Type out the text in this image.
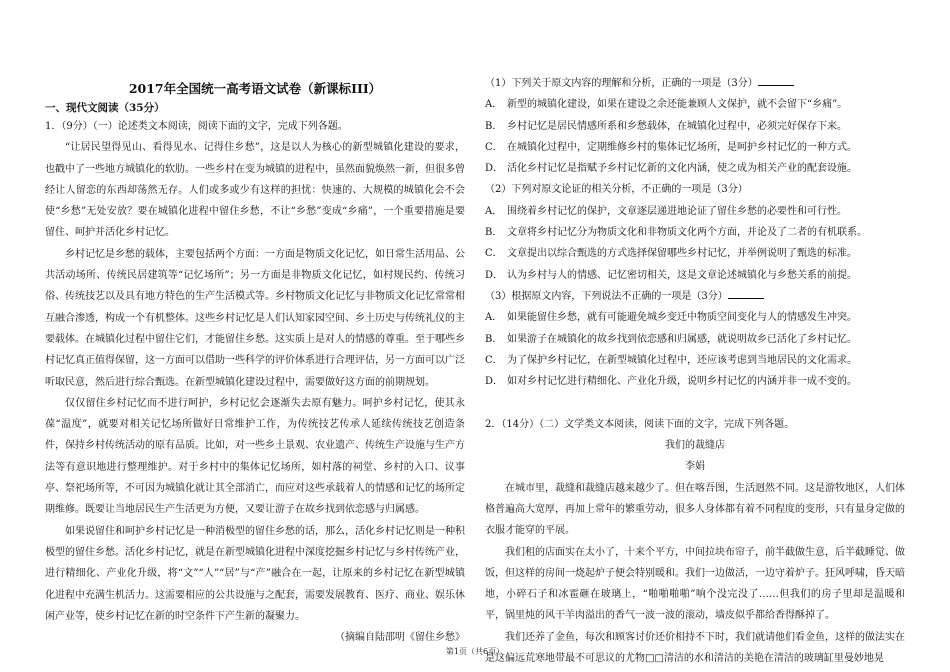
2017年全国统一高考语文试卷（新课标III）
一、现代文阅读（35分）

1．（9分）（一）论述类文本阅读，阅读下面的文字，完成下列各题。

“让居民望得见山、看得见水、记得住乡愁”，这是以人为核心的新型城镇化建设的要求，也戳中了一些地方城镇化的软肋。一些乡村在变为城镇的进程中，虽然面貌焕然一新，但很多曾经让人留恋的东西却荡然无存。人们或多或少有这样的担忧：快速的、大规模的城镇化会不会使“乡愁”无处安放？要在城镇化进程中留住乡愁，不让“乡愁”变成“乡痛”，一个重要措施是要留住、呵护并活化乡村记忆。

乡村记忆是乡愁的载体，主要包括两个方面：一方面是物质文化记忆，如日常生活用品、公共活动场所、传统民居建筑等“记忆场所”；另一方面是非物质文化记忆，如村规民约、传统习俗、传统技艺以及具有地方特色的生产生活模式等。乡村物质文化记忆与非物质文化记忆常常相互融合渗透，构成一个有机整体。这些乡村记忆是人们认知家园空间、乡土历史与传统礼仪的主要载体。在城镇化过程中留住它们，才能留住乡愁。这实质上是对人的情感的尊重。至于哪些乡村记忆真正值得保留，这一方面可以借助一些科学的评价体系进行合理评估，另一方面可以广泛听取民意，然后进行综合甄选。在新型城镇化建设过程中，需要做好这方面的前期规划。

仅仅留住乡村记忆而不进行呵护，乡村记忆会逐渐失去原有魅力。呵护乡村记忆，使其永葆“温度”，就要对相关记忆场所做好日常维护工作，为传统技艺传承人延续传统技艺创造条件，保持乡村传统活动的原有品质。比如，对一些乡土景观、农业遗产、传统生产设施与生产方法等有意识地进行整理维护。对于乡村中的集体记忆场所，如村落的祠堂、乡村的入口、议事亭、祭祀场所等，不可因为城镇化就让其全部消亡，而应对这些承载着人的情感和记忆的场所定期维修。既要让当地居民生产生活更为方便，又要让游子在故乡找到依恋感与归属感。

如果说留住和呵护乡村记忆是一种消极型的留住乡愁的话，那么，活化乡村记忆则是一种积极型的留住乡愁。活化乡村记忆，就是在新型城镇化进程中深度挖掘乡村记忆与乡村传统产业，进行精细化、产业化升级，将“文”“人”“居”与“产”融合在一起，让原来的乡村记忆在新型城镇化进程中充满生机活力。这需要相应的公共设施与之配套，需要发展教育、医疗、商业、娱乐休闲产业等，使乡村记忆在新的时空条件下产生新的凝聚力。

（摘编自陆邵明《留住乡愁》

（1）下列关于原文内容的理解和分析，正确的一项是（3分）

A． 新型的城镇化建设，如果在建设之余还能兼顾人文保护，就不会留下“乡痛”。

B． 乡村记忆是居民情感所系和乡愁载体，在城镇化过程中，必须完好保存下来。

C． 在城镇化过程中，定期维修乡村的集体记忆场所，是呵护乡村记忆的一种方式。

D． 活化乡村记忆是指赋予乡村记忆新的文化内涵，使之成为相关产业的配套设施。

（2）下列对原文论证的相关分析，不正确的一项是（3分）

A． 围绕着乡村记忆的保护，文章逐层递进地论证了留住乡愁的必要性和可行性。

B． 文章将乡村记忆分为物质文化和非物质文化两个方面，并论及了二者的有机联系。

C． 文章提出以综合甄选的方式选择保留哪些乡村记忆，并举例说明了甄选的标准。

D． 认为乡村与人的情感、记忆密切相关，这是文章论述城镇化与乡愁关系的前提。

（3）根据原文内容，下列说法不正确的一项是（3分）

A． 如果能留住乡愁，就有可能避免城乡变迁中物质空间变化与人的情感发生冲突。

B． 如果游子在城镇化的故乡找到依恋感和归属感，就说明故乡已活化了乡村记忆。

C． 为了保护乡村记忆，在新型城镇化过程中，还应该考虑到当地居民的文化需求。

D． 如对乡村记忆进行精细化、产业化升级，说明乡村记忆的内涵并非一成不变的。

2．（14分）（二）文学类文本阅读，阅读下面的文字，完成下列各题。

我们的裁缝店

李娟

在城市里，裁缝和裁缝店越来越少了。但在喀吾图，生活迥然不同。这是游牧地区，人们体格普遍高大宽厚，再加上常年的繁重劳动，很多人身体都有着不同程度的变形，只有量身定做的衣服才能穿的平展。

我们租的店面实在太小了，十来个平方，中间拉块布帘子，前半截做生意，后半截睡觉、做饭，但这样的房间一烧起炉子便会特别暖和。我们一边做活，一边守着炉子。狂风呼啸，昏天暗地，小碎石子和冰雹砸在玻璃上，“啪啪啪啪”响个没完没了……但我们的房子里却是温暖和平，锅里炖的风干羊肉溢出的香气一波一波的滚动，墙皮似乎都给香得酥掉了。

我们还养了金鱼，每次和顾客讨价还价相持不下时，我们就请他们看金鱼，这样的做法实在是这偏远荒寒地带最不可思议的尤物□□清洁的水和清洁的美艳在清洁的玻璃缸里曼妙地晃

第1页（共6页）
